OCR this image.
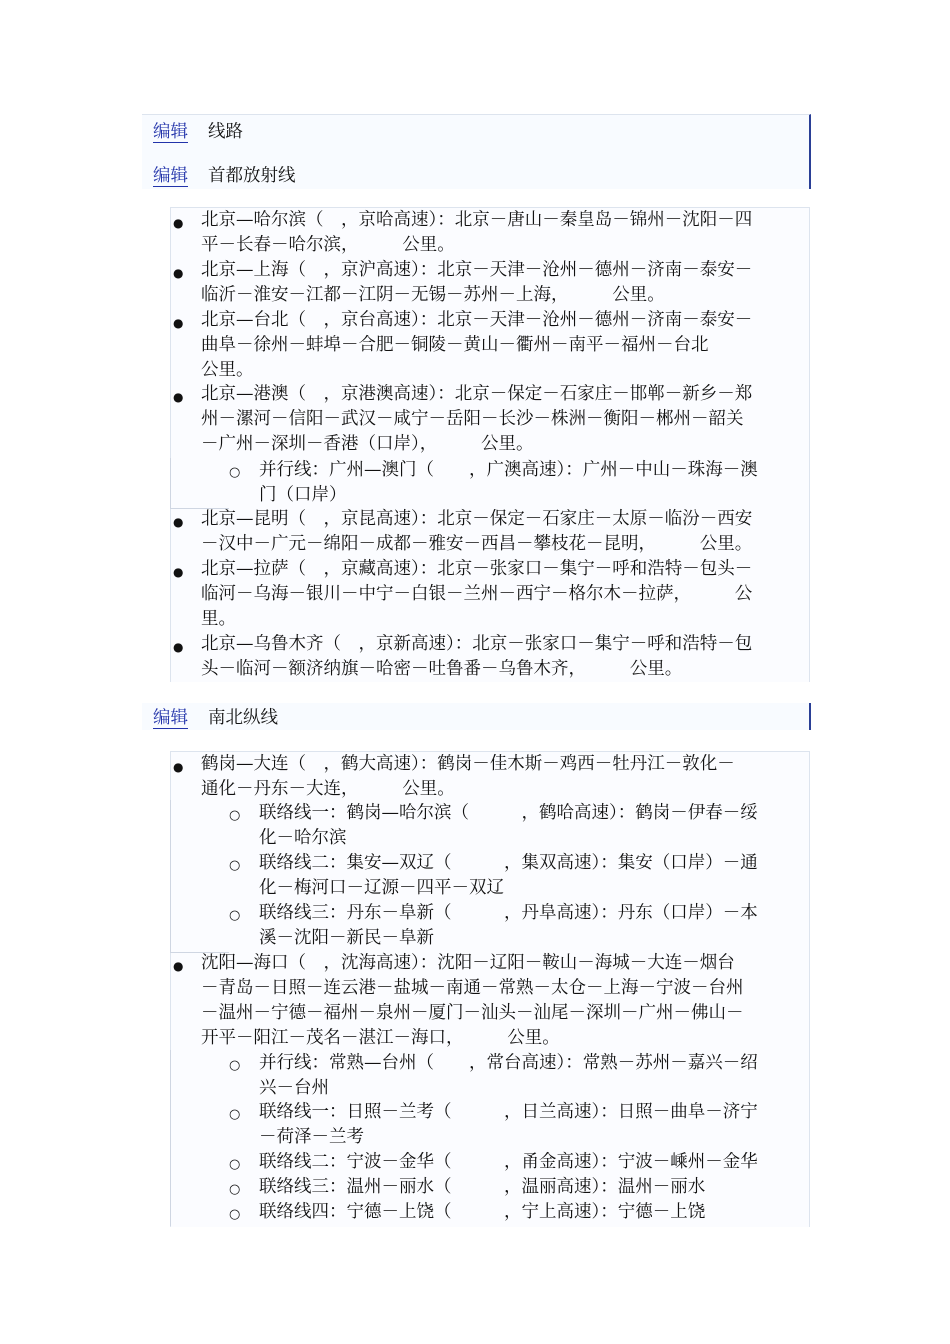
编辑 线路
编辑 首都放射线
● 北京—哈尔滨（　，京哈高速）：北京－唐山－秦皇岛－锦州－沈阳－四
平－长春－哈尔滨，　　　公里。
● 北京—上海（　，京沪高速）：北京－天津－沧州－德州－济南－泰安－
临沂－淮安－江都－江阴－无锡－苏州－上海，　　　公里。
● 北京—台北（　，京台高速）：北京－天津－沧州－德州－济南－泰安－
曲阜－徐州－蚌埠－合肥－铜陵－黄山－衢州－南平－福州－台北
公里。
● 北京—港澳（　，京港澳高速）：北京－保定－石家庄－邯郸－新乡－郑
州－漯河－信阳－武汉－咸宁－岳阳－长沙－株洲－衡阳－郴州－韶关
－广州－深圳－香港（口岸），　　　公里。
○ 并行线：广州—澳门（　　，广澳高速）：广州－中山－珠海－澳
门（口岸）
● 北京—昆明（　，京昆高速）：北京－保定－石家庄－太原－临汾－西安
－汉中－广元－绵阳－成都－雅安－西昌－攀枝花－昆明，　　　公里。
● 北京—拉萨（　，京藏高速）：北京－张家口－集宁－呼和浩特－包头－
临河－乌海－银川－中宁－白银－兰州－西宁－格尔木－拉萨，　　　公
里。
● 北京—乌鲁木齐（　，京新高速）：北京－张家口－集宁－呼和浩特－包
头－临河－额济纳旗－哈密－吐鲁番－乌鲁木齐，　　　公里。
编辑 南北纵线
● 鹤岗—大连（　，鹤大高速）：鹤岗－佳木斯－鸡西－牡丹江－敦化－
通化－丹东－大连，　　　公里。
○ 联络线一：鹤岗—哈尔滨（　　　，鹤哈高速）：鹤岗－伊春－绥
化－哈尔滨
○ 联络线二：集安—双辽（　　　，集双高速）：集安（口岸）－通
化－梅河口－辽源－四平－双辽
○ 联络线三：丹东－阜新（　　　，丹阜高速）：丹东（口岸）－本
溪－沈阳－新民－阜新
● 沈阳—海口（　，沈海高速）：沈阳－辽阳－鞍山－海城－大连－烟台
－青岛－日照－连云港－盐城－南通－常熟－太仓－上海－宁波－台州
－温州－宁德－福州－泉州－厦门－汕头－汕尾－深圳－广州－佛山－
开平－阳江－茂名－湛江－海口，　　　公里。
○ 并行线：常熟—台州（　　，常台高速）：常熟－苏州－嘉兴－绍
兴－台州
○ 联络线一：日照－兰考（　　　，日兰高速）：日照－曲阜－济宁
－荷泽－兰考
○ 联络线二：宁波－金华（　　　，甬金高速）：宁波－嵊州－金华
○ 联络线三：温州－丽水（　　　，温丽高速）：温州－丽水
○ 联络线四：宁德－上饶（　　　，宁上高速）：宁德－上饶
